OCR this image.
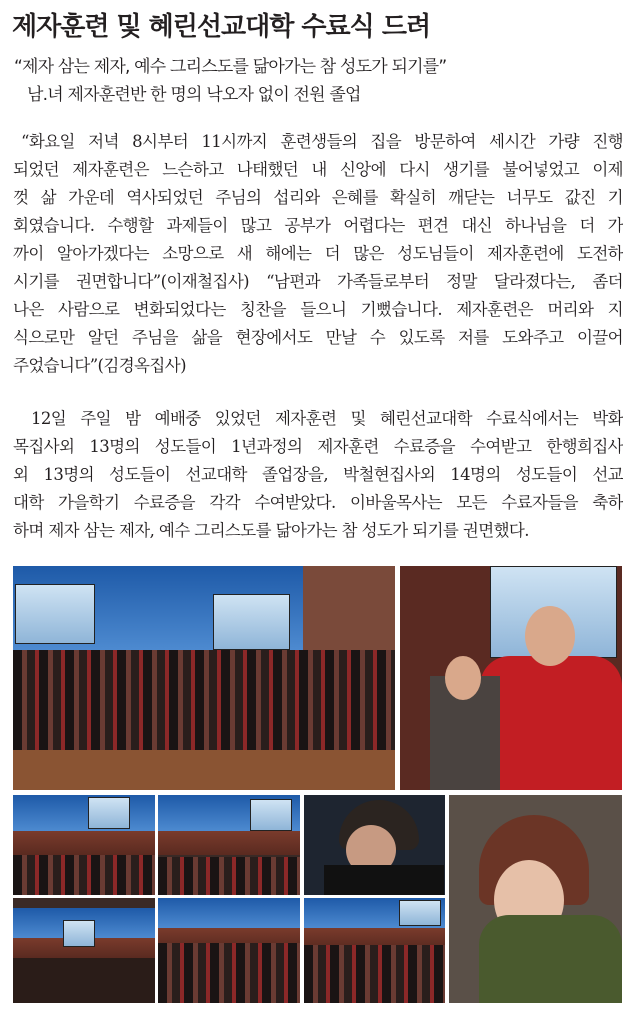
제자훈련 및 혜린선교대학 수료식 드려
“제자 삼는 제자, 예수 그리스도를 닮아가는 참 성도가 되기를”
남.녀 제자훈련반 한 명의 낙오자 없이 전원 졸업
“화요일 저녁 8시부터 11시까지 훈련생들의 집을 방문하여 세시간 가량 진행
되었던 제자훈련은 느슨하고 나태했던 내 신앙에 다시 생기를 불어넣었고 이제
껏 삶 가운데 역사되었던 주님의 섭리와 은혜를 확실히 깨닫는 너무도 값진 기
회였습니다. 수행할 과제들이 많고 공부가 어렵다는 편견 대신 하나님을 더 가
까이 알아가겠다는 소망으로 새 해에는 더 많은 성도님들이 제자훈련에 도전하
시기를 권면합니다”(이재철집사) “남편과 가족들로부터 정말 달라졌다는, 좀더
나은 사람으로 변화되었다는 칭찬을 들으니 기뻤습니다. 제자훈련은 머리와 지
식으로만 알던 주님을 삶을 현장에서도 만날 수 있도록 저를 도와주고 이끌어
주었습니다”(김경옥집사)
12일 주일 밤 예배중 있었던 제자훈련 및 혜린선교대학 수료식에서는 박화
목집사외 13명의 성도들이 1년과정의 제자훈련 수료증을 수여받고 한행희집사
외 13명의 성도들이 선교대학 졸업장을, 박철현집사외 14명의 성도들이 선교
대학 가을학기 수료증을 각각 수여받았다. 이바울목사는 모든 수료자들을 축하
하며 제자 삼는 제자, 예수 그리스도를 닮아가는 참 성도가 되기를 권면했다.
